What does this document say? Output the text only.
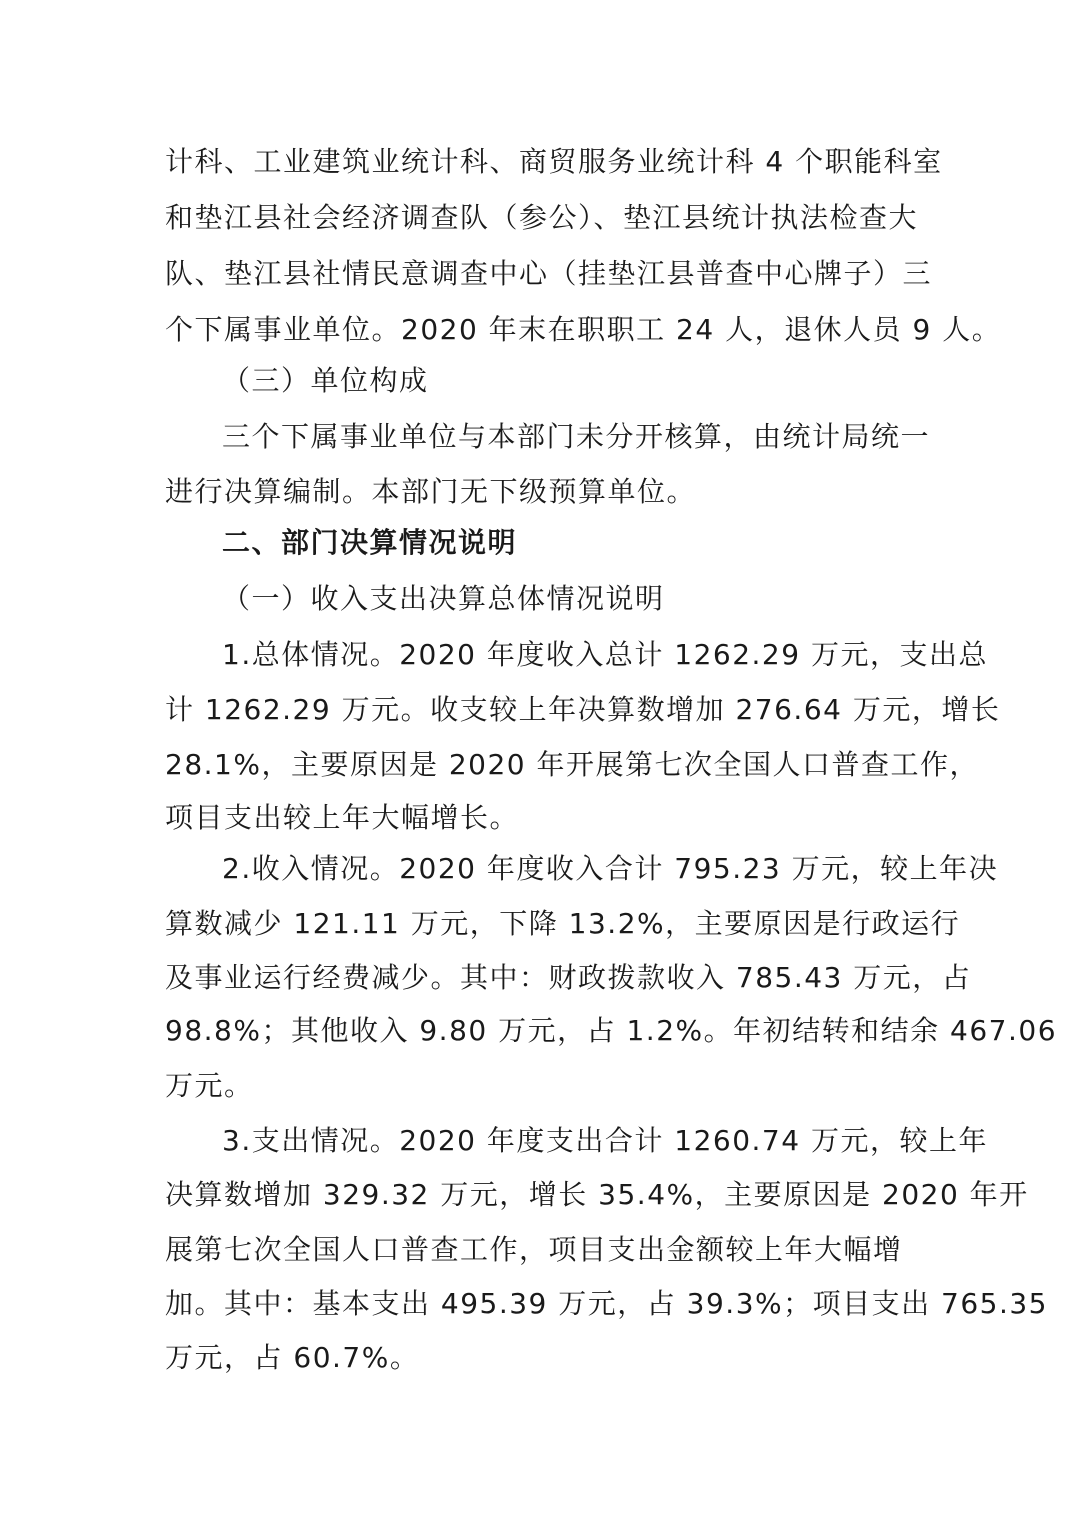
计科、工业建筑业统计科、商贸服务业统计科 4 个职能科室
和垫江县社会经济调查队（参公）、垫江县统计执法检查大
队、垫江县社情民意调查中心（挂垫江县普查中心牌子）三
个下属事业单位。2020 年末在职职工 24 人，退休人员 9 人。
（三）单位构成
三个下属事业单位与本部门未分开核算，由统计局统一
进行决算编制。本部门无下级预算单位。
二、部门决算情况说明
（一）收入支出决算总体情况说明
1.总体情况。2020 年度收入总计 1262.29 万元，支出总
计 1262.29 万元。收支较上年决算数增加 276.64 万元，增长
28.1%，主要原因是 2020 年开展第七次全国人口普查工作，
项目支出较上年大幅增长。
2.收入情况。2020 年度收入合计 795.23 万元，较上年决
算数减少 121.11 万元，下降 13.2%，主要原因是行政运行
及事业运行经费减少。其中：财政拨款收入 785.43 万元，占
98.8%；其他收入 9.80 万元，占 1.2%。年初结转和结余 467.06
万元。
3.支出情况。2020 年度支出合计 1260.74 万元，较上年
决算数增加 329.32 万元，增长 35.4%，主要原因是 2020 年开
展第七次全国人口普查工作，项目支出金额较上年大幅增
加。其中：基本支出 495.39 万元，占 39.3%；项目支出 765.35
万元，占 60.7%。
